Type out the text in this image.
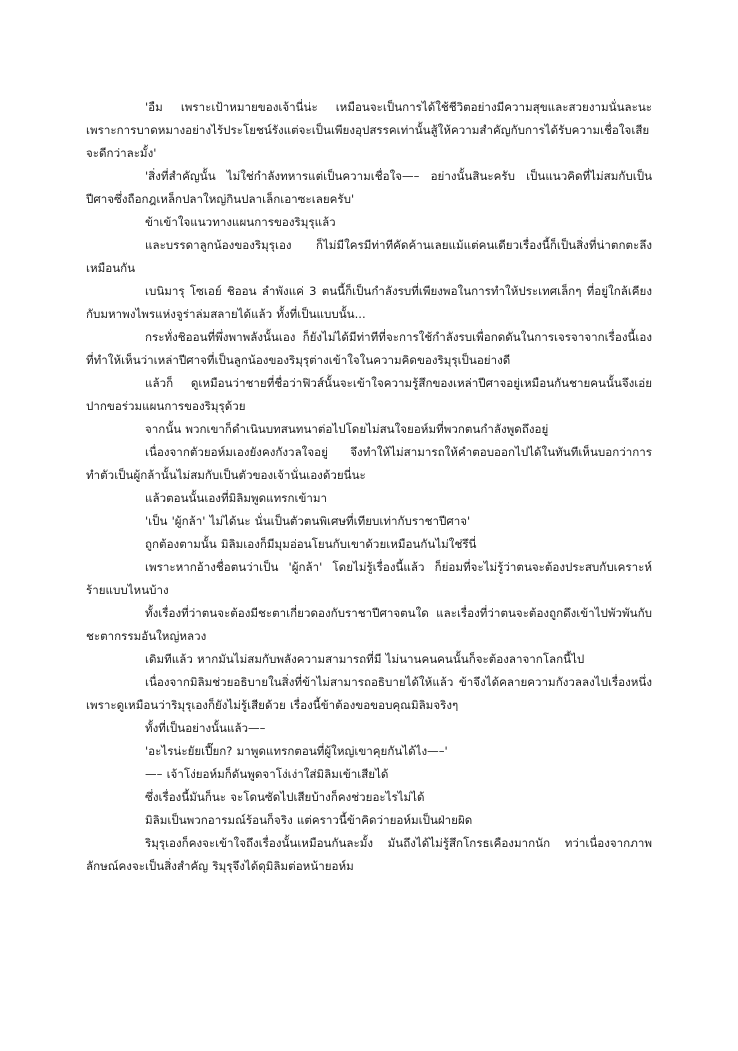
'อืม เพราะเป้าหมายของเจ้านี่น่ะ เหมือนจะเป็นการได้ใช้ชีวิตอย่างมีความสุขและสวยงามนั่นละนะ เพราะการบาดหมางอย่างไร้ประโยชน์รังแต่จะเป็นเพียงอุปสรรคเท่านั้นสู้ให้ความสำคัญกับการได้รับความเชื่อใจเสียจะดีกว่าละมั้ง'

'สิ่งที่สำคัญนั้น ไม่ใช่กำลังทหารแต่เป็นความเชื่อใจ—– อย่างนั้นสินะครับ เป็นแนวคิดที่ไม่สมกับเป็นปีศาจซึ่งถือกฎเหล็กปลาใหญ่กินปลาเล็กเอาซะเลยครับ'

ข้าเข้าใจแนวทางแผนการของริมุรุแล้ว

และบรรดาลูกน้องของริมุรุเอง ก็ไม่มีใครมีท่าทีคัดค้านเลยแม้แต่คนเดียวเรื่องนี้ก็เป็นสิ่งที่น่าตกตะลึงเหมือนกัน

เบนิมารุ โซเอย์ ชิออน ลำพังแค่ 3 ตนนี้ก็เป็นกำลังรบที่เพียงพอในการทำให้ประเทศเล็กๆ ที่อยู่ใกล้เคียงกับมหาพงไพรแห่งจูร่าล่มสลายได้แล้ว ทั้งที่เป็นแบบนั้น...

กระทั่งชิออนที่พึ่งพาพลังนั้นเอง ก็ยังไม่ได้มีท่าทีที่จะการใช้กำลังรบเพื่อกดดันในการเจรจาจากเรื่องนี้เอง ที่ทำให้เห็นว่าเหล่าปีศาจที่เป็นลูกน้องของริมุรุต่างเข้าใจในความคิดของริมุรุเป็นอย่างดี

แล้วก็ ดูเหมือนว่าชายที่ชื่อว่าฟิวส์นั้นจะเข้าใจความรู้สึกของเหล่าปีศาจอยู่เหมือนกันชายคนนั้นจึงเอ่ยปากขอร่วมแผนการของริมุรุด้วย

จากนั้น พวกเขาก็ดำเนินบทสนทนาต่อไปโดยไม่สนใจยอห์มที่พวกตนกำลังพูดถึงอยู่

เนื่องจากตัวยอห์มเองยังคงกังวลใจอยู่ จึงทำให้ไม่สามารถให้คำตอบออกไปได้ในทันทีเห็นบอกว่าการทำตัวเป็นผู้กล้านั้นไม่สมกับเป็นตัวของเจ้านั่นเองด้วยนี่นะ

แล้วตอนนั้นเองที่มิลิมพูดแทรกเข้ามา

'เป็น 'ผู้กล้า' ไม่ได้นะ นั่นเป็นตัวตนพิเศษที่เทียบเท่ากับราชาปีศาจ'

ถูกต้องตามนั้น มิลิมเองก็มีมุมอ่อนโยนกับเขาด้วยเหมือนกันไม่ใช่รึนี่

เพราะหากอ้างชื่อตนว่าเป็น 'ผู้กล้า' โดยไม่รู้เรื่องนี้แล้ว ก็ย่อมที่จะไม่รู้ว่าตนจะต้องประสบกับเคราะห์ร้ายแบบไหนบ้าง

ทั้งเรื่องที่ว่าตนจะต้องมีชะตาเกี่ยวดองกับราชาปีศาจตนใด และเรื่องที่ว่าตนจะต้องถูกดึงเข้าไปพัวพันกับชะตากรรมอันใหญ่หลวง

เดิมทีแล้ว หากมันไม่สมกับพลังความสามารถที่มี ไม่นานคนคนนั้นก็จะต้องลาจากโลกนี้ไป

เนื่องจากมิลิมช่วยอธิบายในสิ่งที่ข้าไม่สามารถอธิบายได้ให้แล้ว ข้าจึงได้คลายความกังวลลงไปเรื่องหนึ่ง เพราะดูเหมือนว่าริมุรุเองก็ยังไม่รู้เสียด้วย เรื่องนี้ข้าต้องขอขอบคุณมิลิมจริงๆ

ทั้งที่เป็นอย่างนั้นแล้ว—–

'อะไรน่ะยัยเปี๊ยก? มาพูดแทรกตอนที่ผู้ใหญ่เขาคุยกันได้ไง—–'

—– เจ้าโง่ยอห์มก็ดันพูดจาโง่เง่าใส่มิลิมเข้าเสียได้

ซึ่งเรื่องนี้มันก็นะ จะโดนซัดไปเสียบ้างก็คงช่วยอะไรไม่ได้

มิลิมเป็นพวกอารมณ์ร้อนก็จริง แต่คราวนี้ข้าคิดว่ายอห์มเป็นฝ่ายผิด

ริมุรุเองก็คงจะเข้าใจถึงเรื่องนั้นเหมือนกันละมั้ง มันถึงได้ไม่รู้สึกโกรธเคืองมากนัก ทว่าเนื่องจากภาพลักษณ์คงจะเป็นสิ่งสำคัญ ริมุรุจึงได้ดุมิลิมต่อหน้ายอห์ม
